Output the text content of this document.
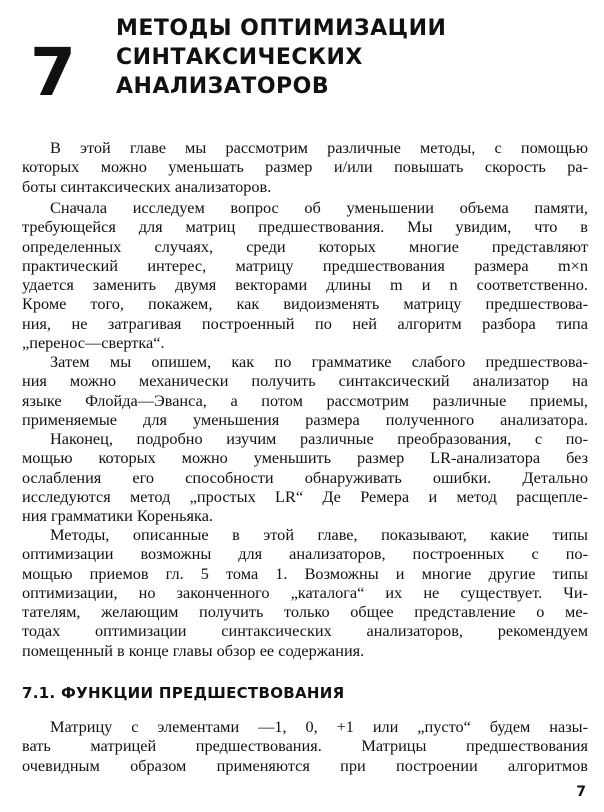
7
МЕТОДЫ ОПТИМИЗАЦИИ
СИНТАКСИЧЕСКИХ
АНАЛИЗАТОРОВ
В этой главе мы рассмотрим различные методы, с помощью
которых можно уменьшать размер и/или повышать скорость ра-
боты синтаксических анализаторов.
Сначала исследуем вопрос об уменьшении объема памяти,
требующейся для матриц предшествования. Мы увидим, что в
определенных случаях, среди которых многие представляют
практический интерес, матрицу предшествования размера m×n
удается заменить двумя векторами длины m и n соответственно.
Кроме того, покажем, как видоизменять матрицу предшествова-
ния, не затрагивая построенный по ней алгоритм разбора типа
„перенос—свертка“.
Затем мы опишем, как по грамматике слабого предшествова-
ния можно механически получить синтаксический анализатор на
языке Флойда—Эванса, а потом рассмотрим различные приемы,
применяемые для уменьшения размера полученного анализатора.
Наконец, подробно изучим различные преобразования, с по-
мощью которых можно уменьшить размер LR-анализатора без
ослабления его способности обнаруживать ошибки. Детально
исследуются метод „простых LR“ Де Ремера и метод расщепле-
ния грамматики Кореньяка.
Методы, описанные в этой главе, показывают, какие типы
оптимизации возможны для анализаторов, построенных с по-
мощью приемов гл. 5 тома 1. Возможны и многие другие типы
оптимизации, но законченного „каталога“ их не существует. Чи-
тателям, желающим получить только общее представление о ме-
тодах оптимизации синтаксических анализаторов, рекомендуем
помещенный в конце главы обзор ее содержания.
7.1. ФУНКЦИИ ПРЕДШЕСТВОВАНИЯ
Матрицу с элементами —1, 0, +1 или „пусто“ будем назы-
вать матрицей предшествования. Матрицы предшествования
очевидным образом применяются при построении алгоритмов
7
